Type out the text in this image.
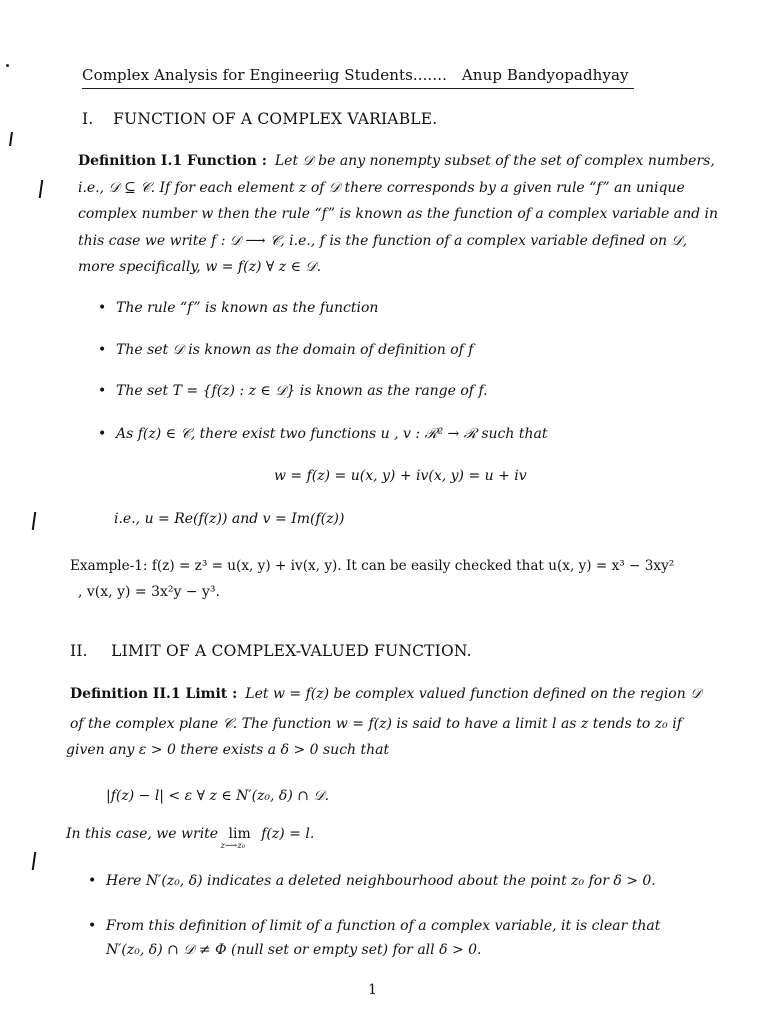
Complex Analysis for Engineeriıg Students....... Anup Bandyopadhyay
I. FUNCTION OF A COMPLEX VARIABLE.
Definition I.1 Function : Let 𝒟 be any nonempty subset of the set of complex numbers,
i.e., 𝒟 ⊆ 𝒞. If for each element z of 𝒟 there corresponds by a given rule “f” an unique
complex number w then the rule “f” is known as the function of a complex variable and in
this case we write f : 𝒟 ⟶ 𝒞, i.e., f is the function of a complex variable defined on 𝒟,
more specifically, w = f(z) ∀ z ∈ 𝒟.
• The rule “f” is known as the function
• The set 𝒟 is known as the domain of definition of f
• The set T = {f(z) : z ∈ 𝒟} is known as the range of f.
• As f(z) ∈ 𝒞, there exist two functions u , v : ℛ² → ℛ such that
w = f(z) = u(x, y) + iv(x, y) = u + iv
i.e., u = Re(f(z)) and v = Im(f(z))
Example-1: f(z) = z³ = u(x, y) + iv(x, y). It can be easily checked that u(x, y) = x³ − 3xy²
, v(x, y) = 3x²y − y³.
II. LIMIT OF A COMPLEX-VALUED FUNCTION.
Definition II.1 Limit : Let w = f(z) be complex valued function defined on the region 𝒟
of the complex plane 𝒞. The function w = f(z) is said to have a limit l as z tends to z₀ if
given any ε > 0 there exists a δ > 0 such that
|f(z) − l| < ε ∀ z ∈ N′(z₀, δ) ∩ 𝒟.
In this case, we write lim
z⟶z₀
f(z) = l.
• Here N′(z₀, δ) indicates a deleted neighbourhood about the point z₀ for δ > 0.
• From this definition of limit of a function of a complex variable, it is clear that
N′(z₀, δ) ∩ 𝒟 ≠ Φ (null set or empty set) for all δ > 0.
1
